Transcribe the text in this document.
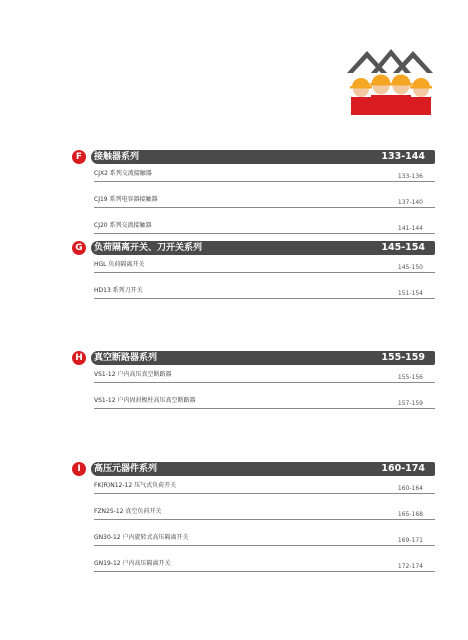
F	接触器系列	133-144
CJX2 系列交流接触器	133-136
CJ19 系列电容器接触器	137-140
CJ20 系列交流接触器	141-144
G	负荷隔离开关、刀开关系列	145-154
HGL 负荷隔离开关	145-150
HD13 系列刀开关	151-154
H	真空断路器系列	155-159
VS1-12 户内高压真空断路器	155-156
VS1-12 户内固封极柱高压真空断路器	157-159
I	高压元器件系列	160-174
FK(R)N12-12 压气式负荷开关	160-164
FZN25-12 真空负荷开关	165-168
GN30-12 户内旋转式高压隔离开关	169-171
GN19-12 户内高压隔离开关	172-174
